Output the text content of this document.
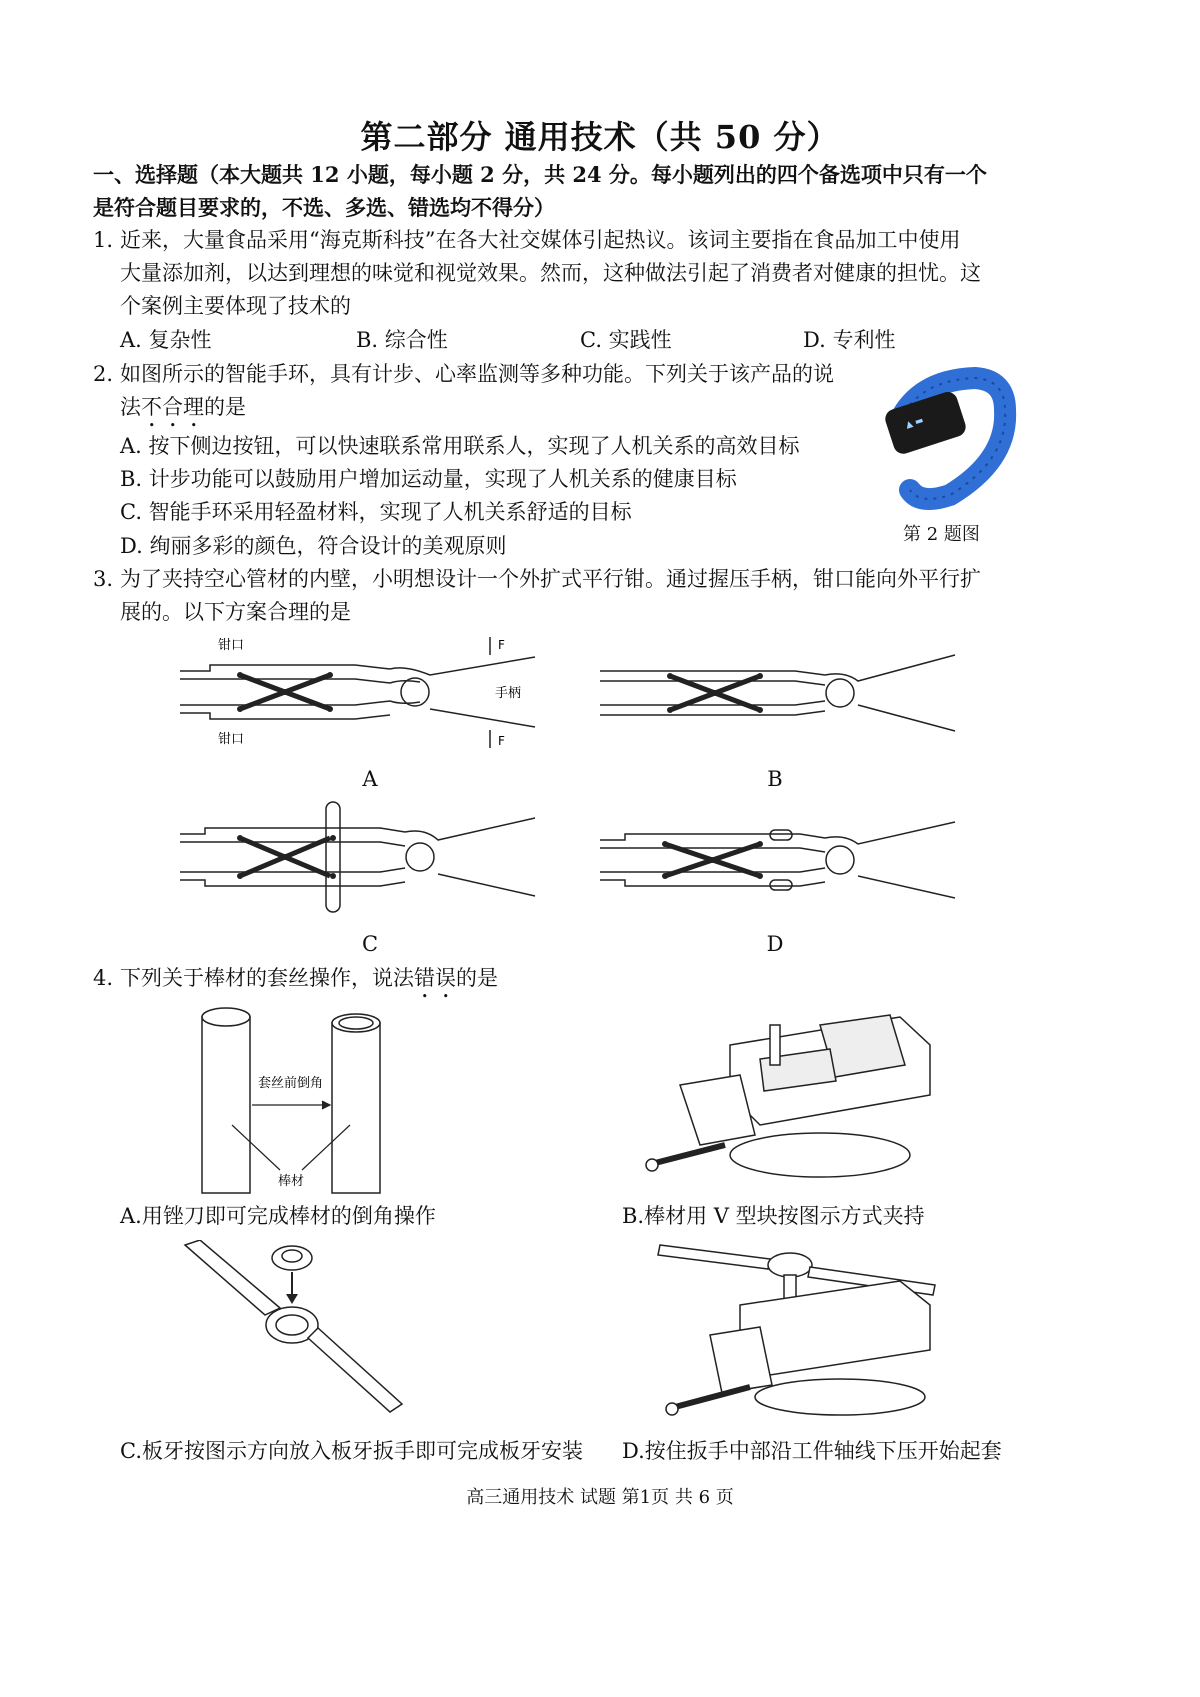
第二部分 通用技术（共 50 分）
一、选择题（本大题共 12 小题，每小题 2 分，共 24 分。每小题列出的四个备选项中只有一个
是符合题目要求的，不选、多选、错选均不得分）
1. 近来，大量食品采用“海克斯科技”在各大社交媒体引起热议。该词主要指在食品加工中使用
大量添加剂，以达到理想的味觉和视觉效果。然而，这种做法引起了消费者对健康的担忧。这
个案例主要体现了技术的
A. 复杂性	B. 综合性	C. 实践性	D. 专利性
2. 如图所示的智能手环，具有计步、心率监测等多种功能。下列关于该产品的说
法不合理的是
A. 按下侧边按钮，可以快速联系常用联系人，实现了人机关系的高效目标
B. 计步功能可以鼓励用户增加运动量，实现了人机关系的健康目标
C. 智能手环采用轻盈材料，实现了人机关系舒适的目标
D. 绚丽多彩的颜色，符合设计的美观原则
▲ ▬
第 2 题图
3. 为了夹持空心管材的内壁，小明想设计一个外扩式平行钳。通过握压手柄，钳口能向外平行扩
展的。以下方案合理的是
钳口
钳口
手柄
F
F
A	B
C	D
4. 下列关于棒材的套丝操作，说法错误的是
套丝前倒角
棒材
A.用锉刀即可完成棒材的倒角操作	B.棒材用 V 型块按图示方式夹持
C.板牙按图示方向放入板牙扳手即可完成板牙安装 D.按住扳手中部沿工件轴线下压开始起套
高三通用技术 试题 第1页 共 6 页
